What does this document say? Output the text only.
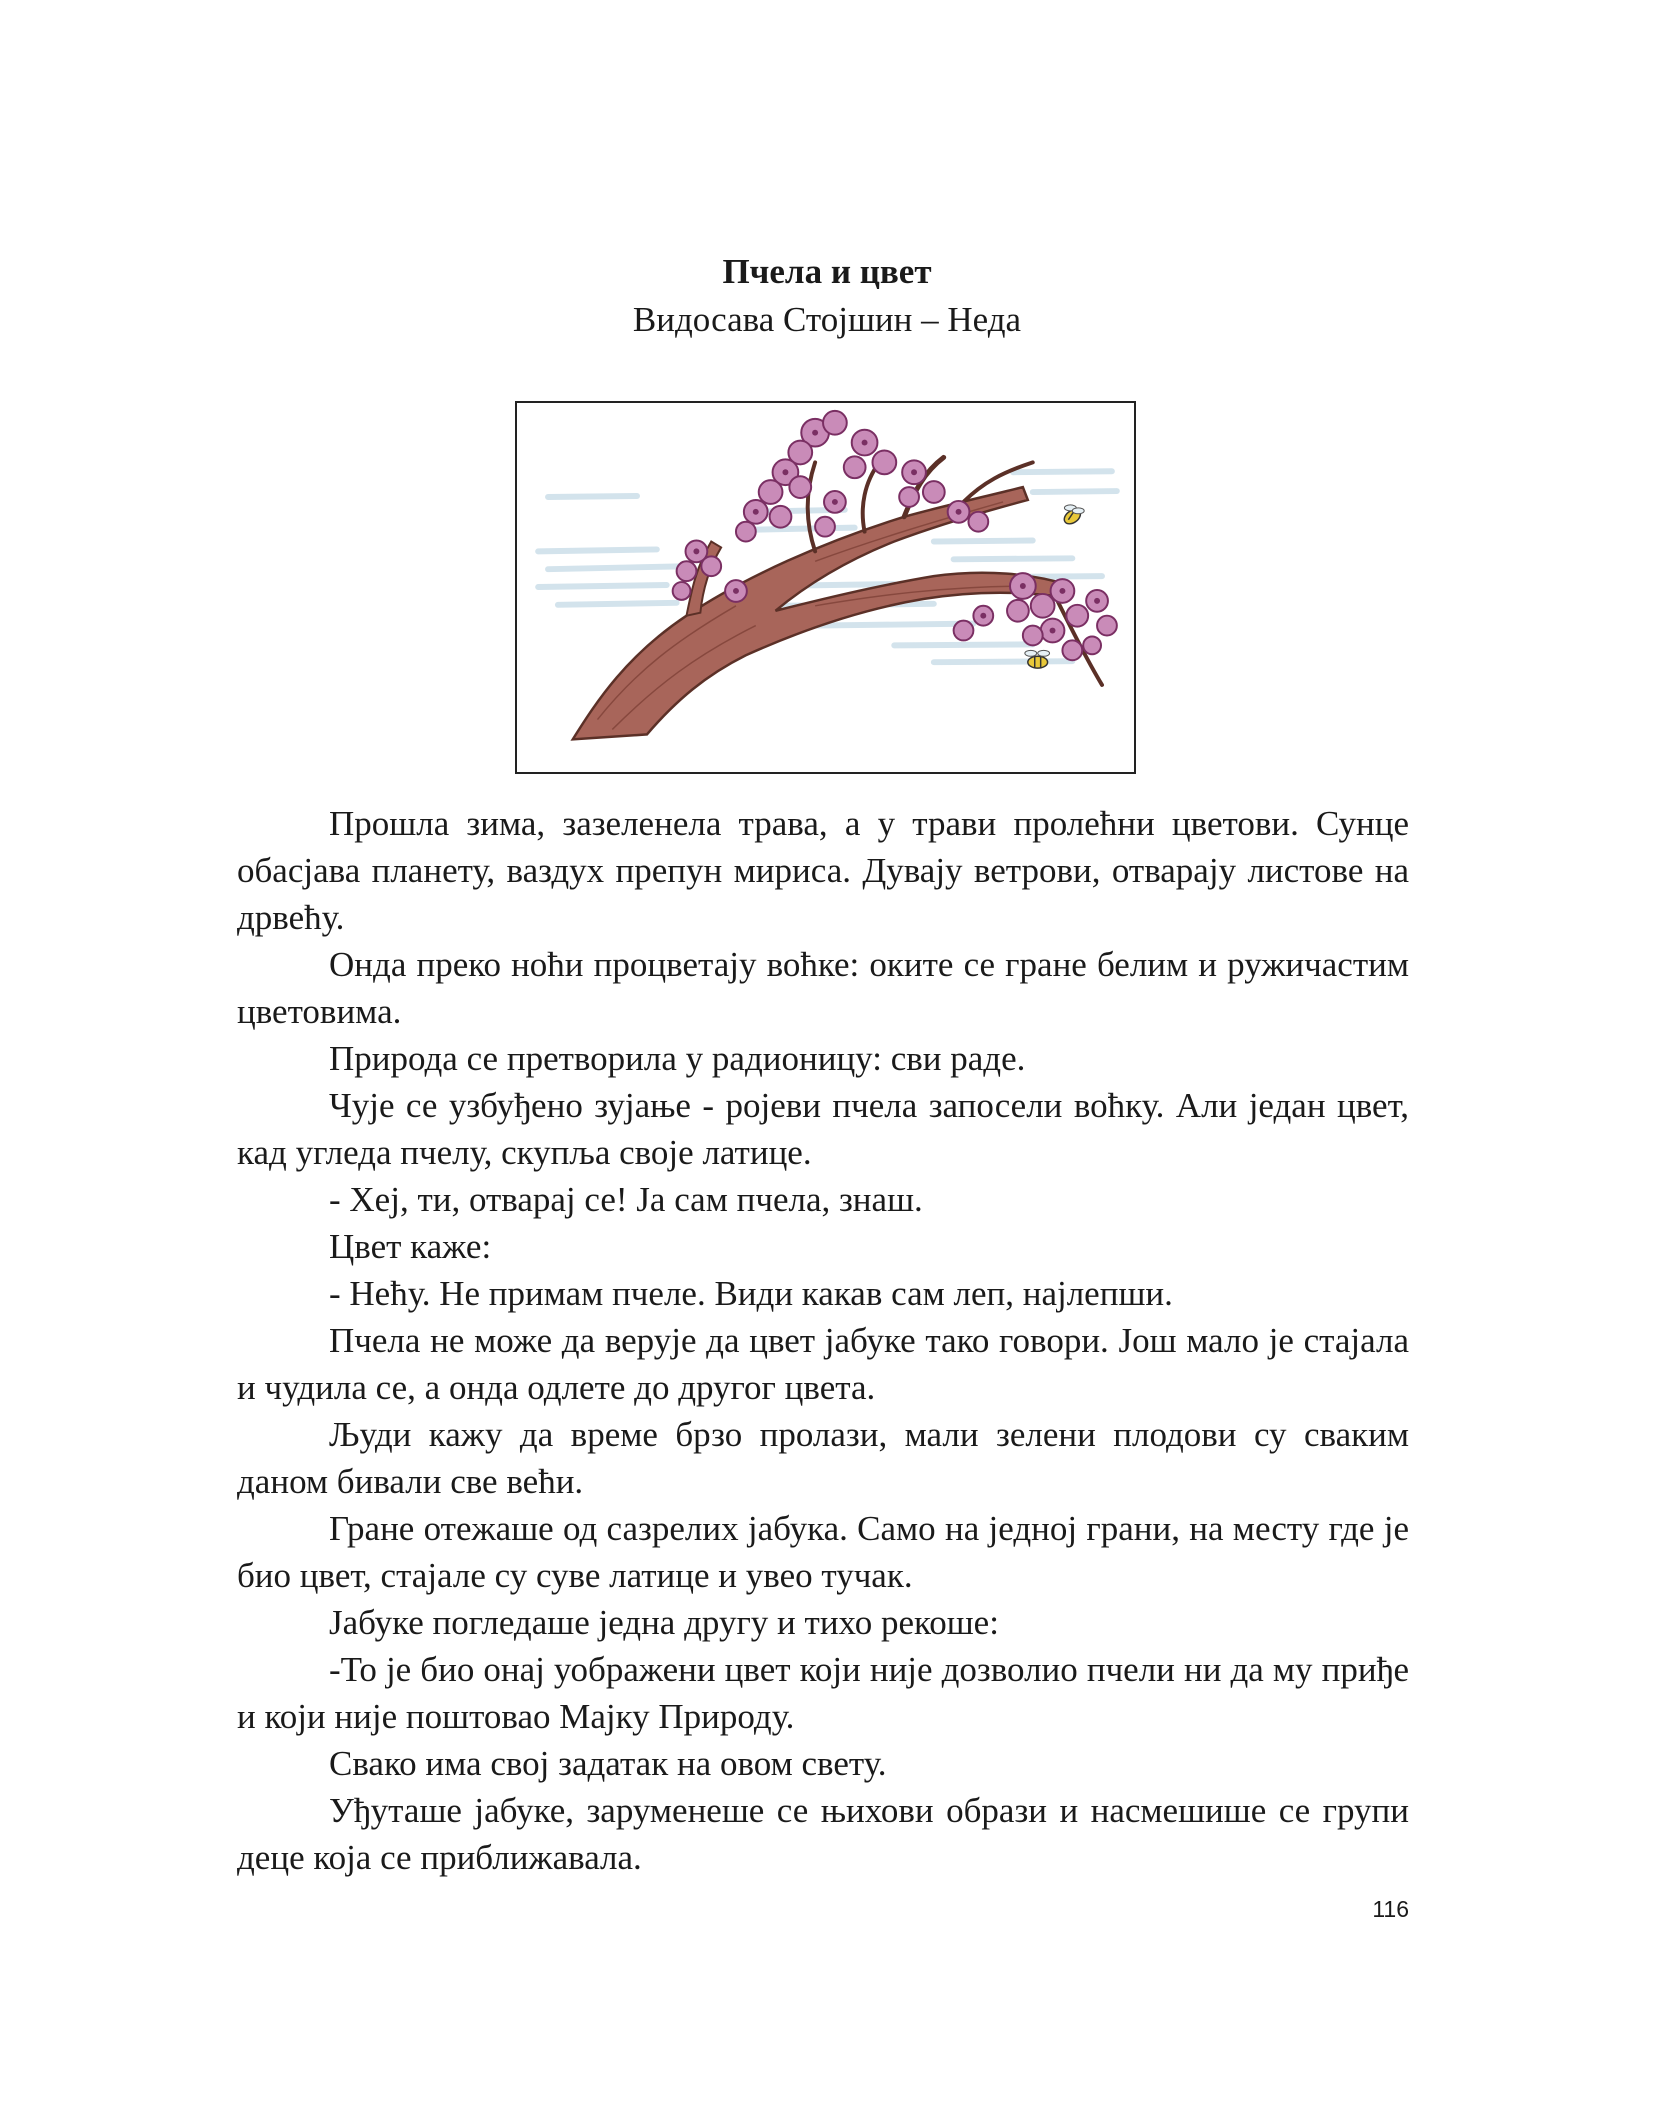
Пчела и цвет
Видосава Стојшин – Неда

Прошла зима, зазеленела трава, а у трави пролећни цветови. Сунце обасјава планету, ваздух препун мириса. Дувају ветрови, отварају листове на дрвећу.

Онда преко ноћи процветају воћке: оките се гране белим и ружичастим цветовима.

Природа се претворила у радионицу: сви раде.

Чује се узбуђено зујање - ројеви пчела запосели воћку. Али један цвет, кад угледа пчелу, скупља своје латице.

- Хеј, ти, отварај се! Ја сам пчела, знаш.

Цвет каже:

- Нећу. Не примам пчеле. Види какав сам леп, најлепши.

Пчела не може да верује да цвет јабуке тако говори. Још мало је стајала и чудила се, а онда одлете до другог цвета.

Људи кажу да време брзо пролази, мали зелени плодови су сваким даном бивали све већи.

Гране отежаше од сазрелих јабука. Само на једној грани, на месту где је био цвет, стајале су суве латице и увео тучак.

Јабуке погледаше једна другу и тихо рекоше:

-То је био онај уображени цвет који није дозволио пчели ни да му приђе и који није поштовао Мајку Природу.

Свако има свој задатак на овом свету.

Уђуташе јабуке, заруменеше се њихови образи и насмешише се групи деце која се приближавала.

116
